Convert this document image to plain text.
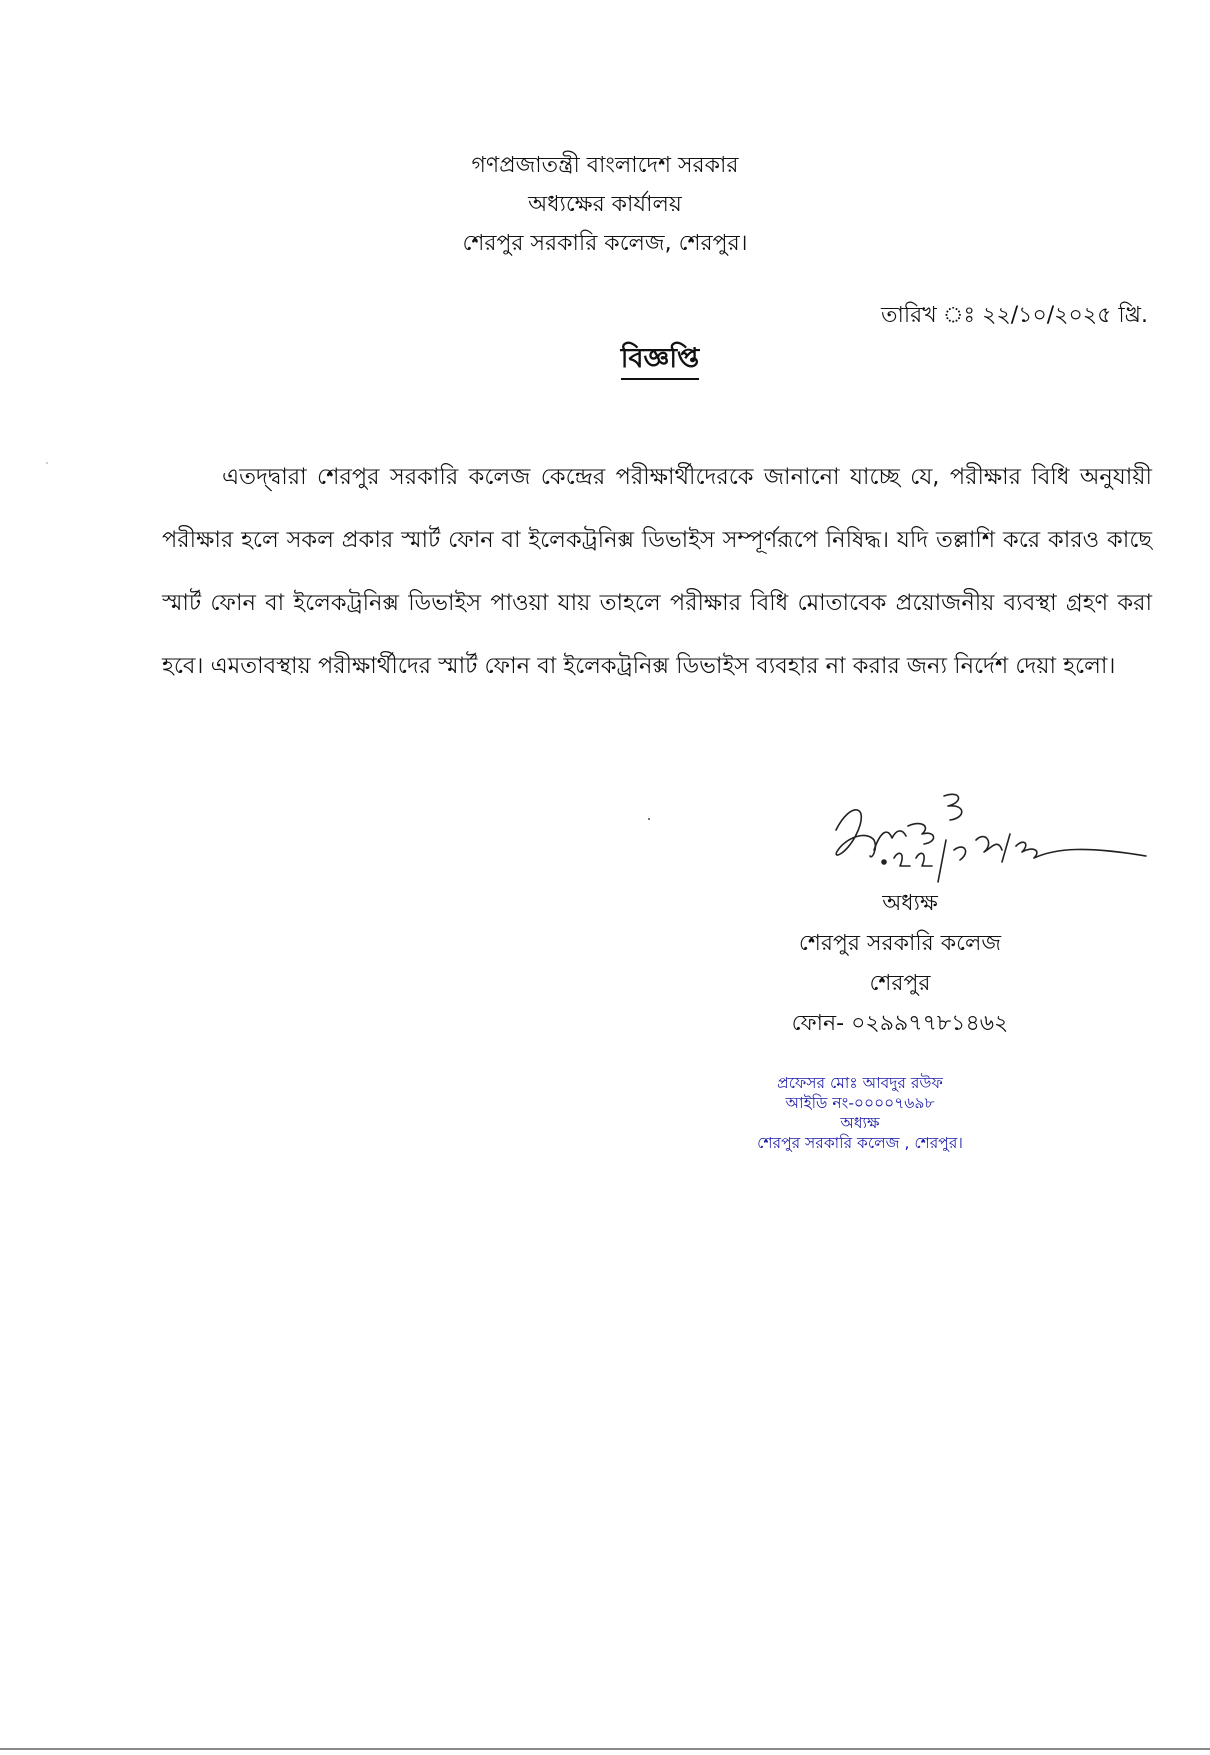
গণপ্রজাতন্ত্রী বাংলাদেশ সরকার
অধ্যক্ষের কার্যালয়
শেরপুর সরকারি কলেজ, শেরপুর।
তারিখ ঃ ২২/১০/২০২৫ খ্রি.
বিজ্ঞপ্তি
এতদ্দ্বারা শেরপুর সরকারি কলেজ কেন্দ্রের পরীক্ষার্থীদেরকে জানানো যাচ্ছে যে, পরীক্ষার বিধি অনুযায়ী পরীক্ষার হলে সকল প্রকার স্মার্ট ফোন বা ইলেকট্রনিক্স ডিভাইস সম্পূর্ণরূপে নিষিদ্ধ। যদি তল্লাশি করে কারও কাছে স্মার্ট ফোন বা ইলেকট্রনিক্স ডিভাইস পাওয়া যায় তাহলে পরীক্ষার বিধি মোতাবেক প্রয়োজনীয় ব্যবস্থা গ্রহণ করা হবে। এমতাবস্থায় পরীক্ষার্থীদের স্মার্ট ফোন বা ইলেকট্রনিক্স ডিভাইস ব্যবহার না করার জন্য নির্দেশ দেয়া হলো।
অধ্যক্ষ
শেরপুর সরকারি কলেজ
শেরপুর
ফোন- ০২৯৯৭৭৮১৪৬২
প্রফেসর মোঃ আবদুর রউফ
আইডি নং-০০০০৭৬৯৮
অধ্যক্ষ
শেরপুর সরকারি কলেজ , শেরপুর।
